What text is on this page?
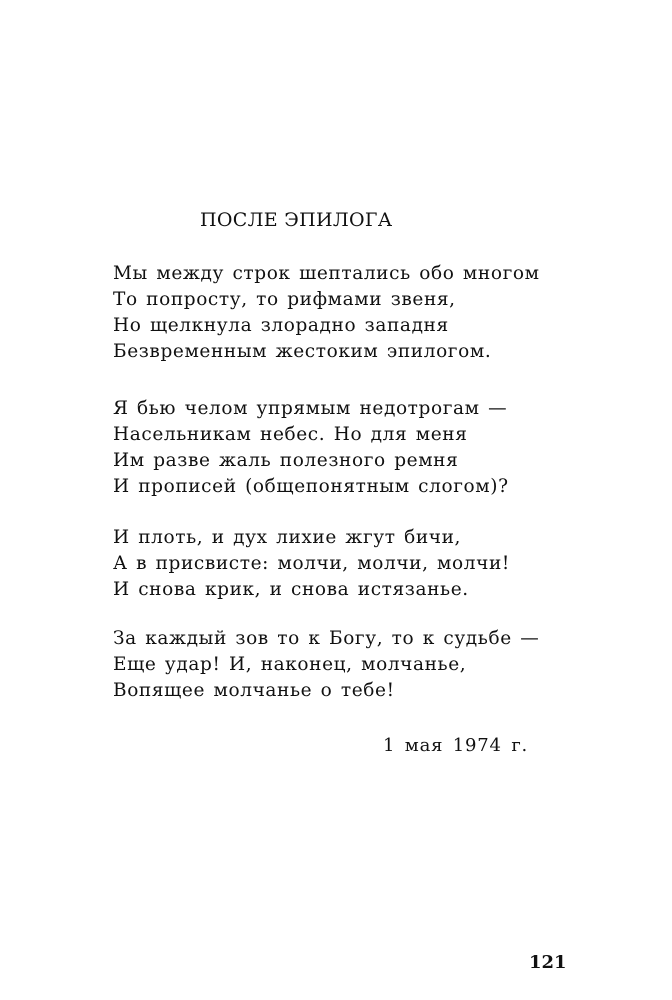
ПОСЛЕ ЭПИЛОГА
Мы между строк шептались обо многом
То попросту, то рифмами звеня,
Но щелкнула злорадно западня
Безвременным жестоким эпилогом.
Я бью челом упрямым недотрогам —
Насельникам небес. Но для меня
Им разве жаль полезного ремня
И прописей (общепонятным слогом)?
И плоть, и дух лихие жгут бичи,
А в присвисте: молчи, молчи, молчи!
И снова крик, и снова истязанье.
За каждый зов то к Богу, то к судьбе —
Еще удар! И, наконец, молчанье,
Вопящее молчанье о тебе!
1 мая 1974 г.
121
